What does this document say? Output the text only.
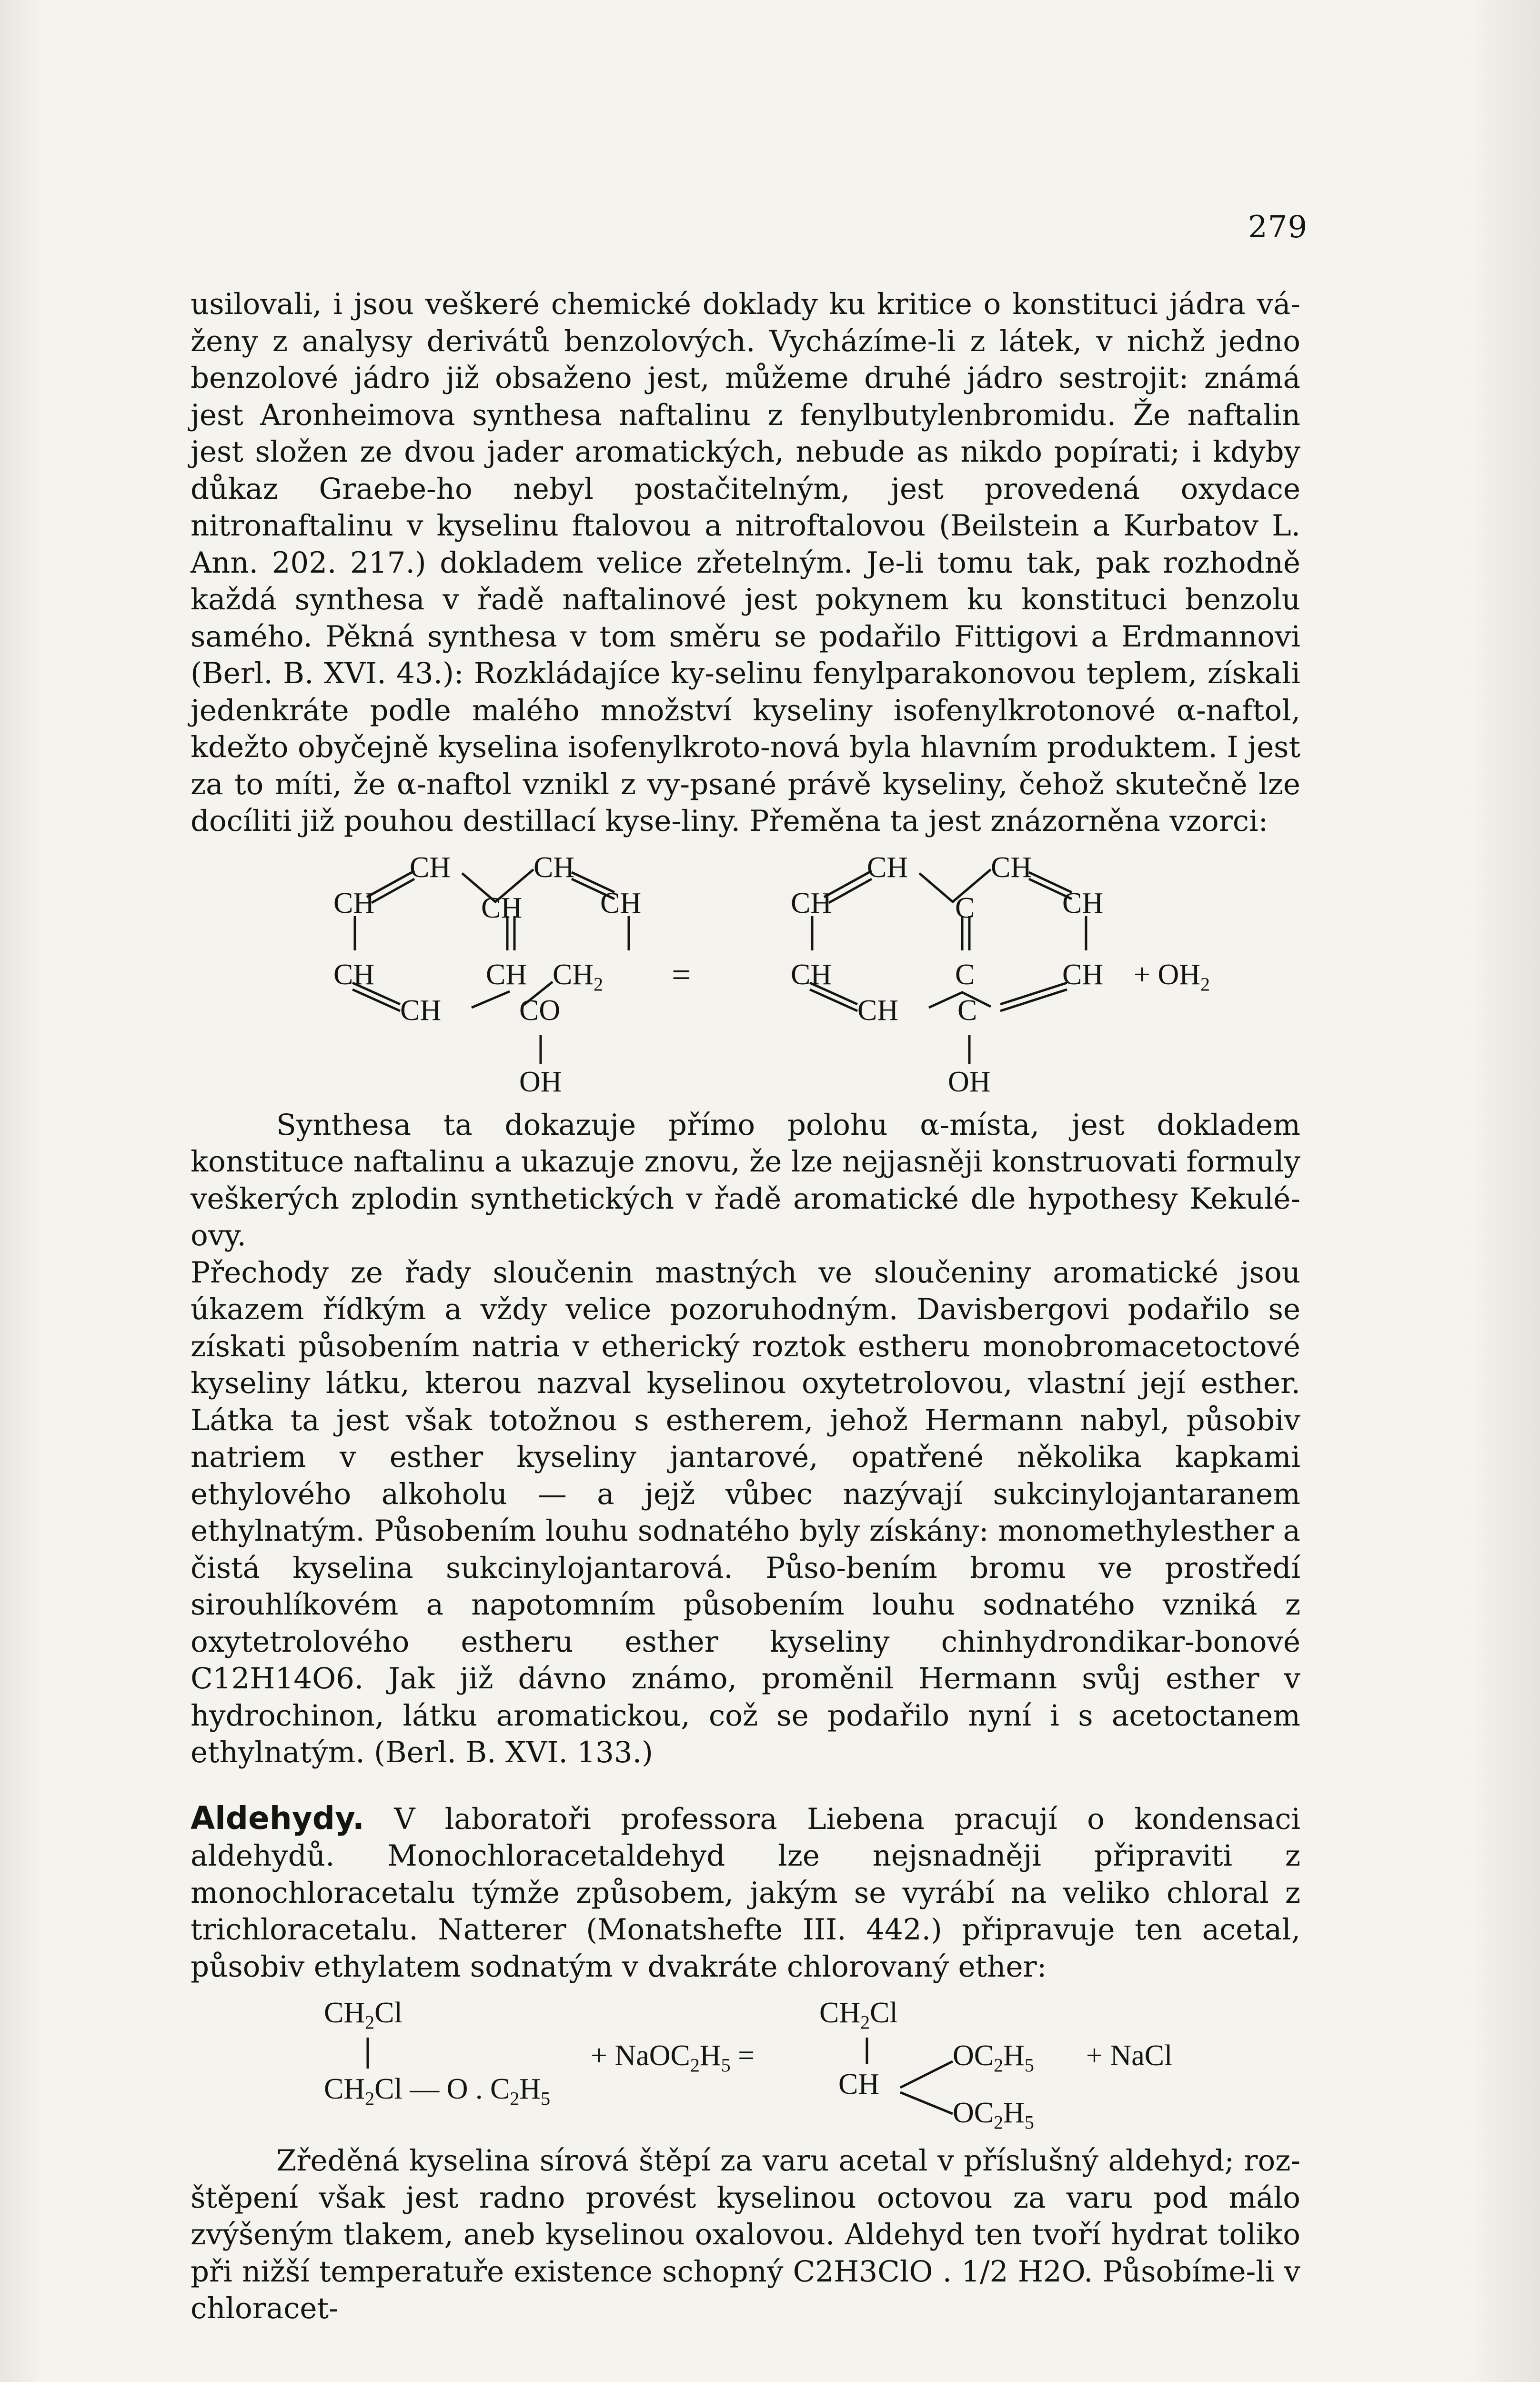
279

usilovali, i jsou veškeré chemické doklady ku kritice o konstituci jádra vá-ženy z analysy derivátů benzolových. Vycházíme-li z látek, v nichž jedno benzolové jádro již obsaženo jest, můžeme druhé jádro sestrojit: známá jest Aronheimova synthesa naftalinu z fenylbutylenbromidu. Že naftalin jest složen ze dvou jader aromatických, nebude as nikdo popírati; i kdyby důkaz Graebe-ho nebyl postačitelným, jest provedená oxydace nitronaftalinu v kyselinu ftalovou a nitroftalovou (Beilstein a Kurbatov L. Ann. 202. 217.) dokladem velice zřetelným. Je-li tomu tak, pak rozhodně každá synthesa v řadě naftalinové jest pokynem ku konstituci benzolu samého. Pěkná synthesa v tom směru se podařilo Fittigovi a Erdmannovi (Berl. B. XVI. 43.): Rozkládajíce ky-selinu fenylparakonovou teplem, získali jedenkráte podle malého množství kyseliny isofenylkrotonové α-naftol, kdežto obyčejně kyselina isofenylkroto-nová byla hlavním produktem. I jest za to míti, že α-naftol vznikl z vy-psané právě kyseliny, čehož skutečně lze docíliti již pouhou destillací kyse-liny. Přeměna ta jest znázorněna vzorci:

CH	CH
CH	CH	CH
CH	CH $CH_2$
CH	CO
OH
=
CH	CH
CH	C	CH
CH	C	CH + $OH_2$
CH C
OH

Synthesa ta dokazuje přímo polohu α-místa, jest dokladem konstituce naftalinu a ukazuje znovu, že lze nejjasněji konstruovati formuly veškerých zplodin synthetických v řadě aromatické dle hypothesy Kekulé-ovy.

Přechody ze řady sloučenin mastných ve sloučeniny aromatické jsou úkazem řídkým a vždy velice pozoruhodným. Davisbergovi podařilo se získati působením natria v etherický roztok estheru monobromacetoctové kyseliny látku, kterou nazval kyselinou oxytetrolovou, vlastní její esther. Látka ta jest však totožnou s estherem, jehož Hermann nabyl, působiv natriem v esther kyseliny jantarové, opatřené několika kapkami ethylového alkoholu — a jejž vůbec nazývají sukcinylojantaranem ethylnatým. Působením louhu sodnatého byly získány: monomethylesther a čistá kyselina sukcinylojantarová. Půso-bením bromu ve prostředí sirouhlíkovém a napotomním působením louhu sodnatého vzniká z oxytetrolového estheru esther kyseliny chinhydrondikar-bonové C12H14O6. Jak již dávno známo, proměnil Hermann svůj esther v hydrochinon, látku aromatickou, což se podařilo nyní i s acetoctanem ethylnatým. (Berl. B. XVI. 133.)

Aldehydy. V laboratoři professora Liebena pracují o kondensaci aldehydů. Monochloracetaldehyd lze nejsnadněji připraviti z monochloracetalu týmže způsobem, jakým se vyrábí na veliko chloral z trichloracetalu. Natterer (Monatshefte III. 442.) připravuje ten acetal, působiv ethylatem sodnatým v dvakráte chlorovaný ether:

$CH_2Cl$
$CH_2Cl$ — O . $C_2H_5$
+ $NaOC_2H_5$ =
$CH_2Cl$
CH
$OC_2H_5$
$OC_2H_5$
+ NaCl

Zředěná kyselina sírová štěpí za varu acetal v příslušný aldehyd; roz-štěpení však jest radno provést kyselinou octovou za varu pod málo zvýšeným tlakem, aneb kyselinou oxalovou. Aldehyd ten tvoří hydrat toliko při nižší temperatuře existence schopný C2H3ClO . 1/2 H2O. Působíme-li v chloracet-
